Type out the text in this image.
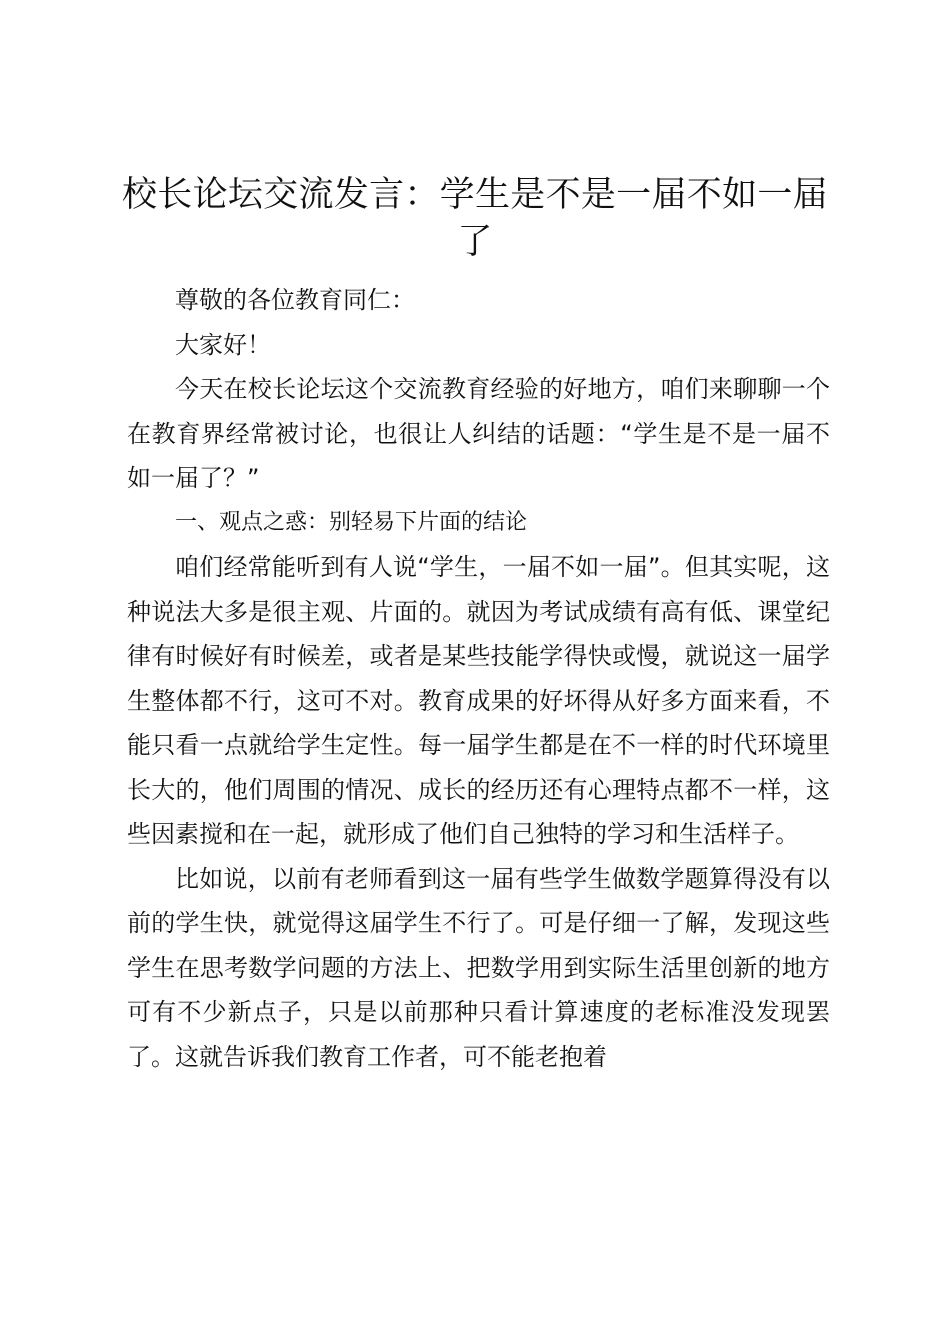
校长论坛交流发言：学生是不是一届不如一届了

尊敬的各位教育同仁：

大家好！

今天在校长论坛这个交流教育经验的好地方，咱们来聊聊一个在教育界经常被讨论，也很让人纠结的话题：“学生是不是一届不如一届了？”

一、观点之惑：别轻易下片面的结论

咱们经常能听到有人说“学生，一届不如一届”。但其实呢，这种说法大多是很主观、片面的。就因为考试成绩有高有低、课堂纪律有时候好有时候差，或者是某些技能学得快或慢，就说这一届学生整体都不行，这可不对。教育成果的好坏得从好多方面来看，不能只看一点就给学生定性。每一届学生都是在不一样的时代环境里长大的，他们周围的情况、成长的经历还有心理特点都不一样，这些因素搅和在一起，就形成了他们自己独特的学习和生活样子。

比如说，以前有老师看到这一届有些学生做数学题算得没有以前的学生快，就觉得这届学生不行了。可是仔细一了解，发现这些学生在思考数学问题的方法上、把数学用到实际生活里创新的地方可有不少新点子，只是以前那种只看计算速度的老标准没发现罢了。这就告诉我们教育工作者，可不能老抱着
